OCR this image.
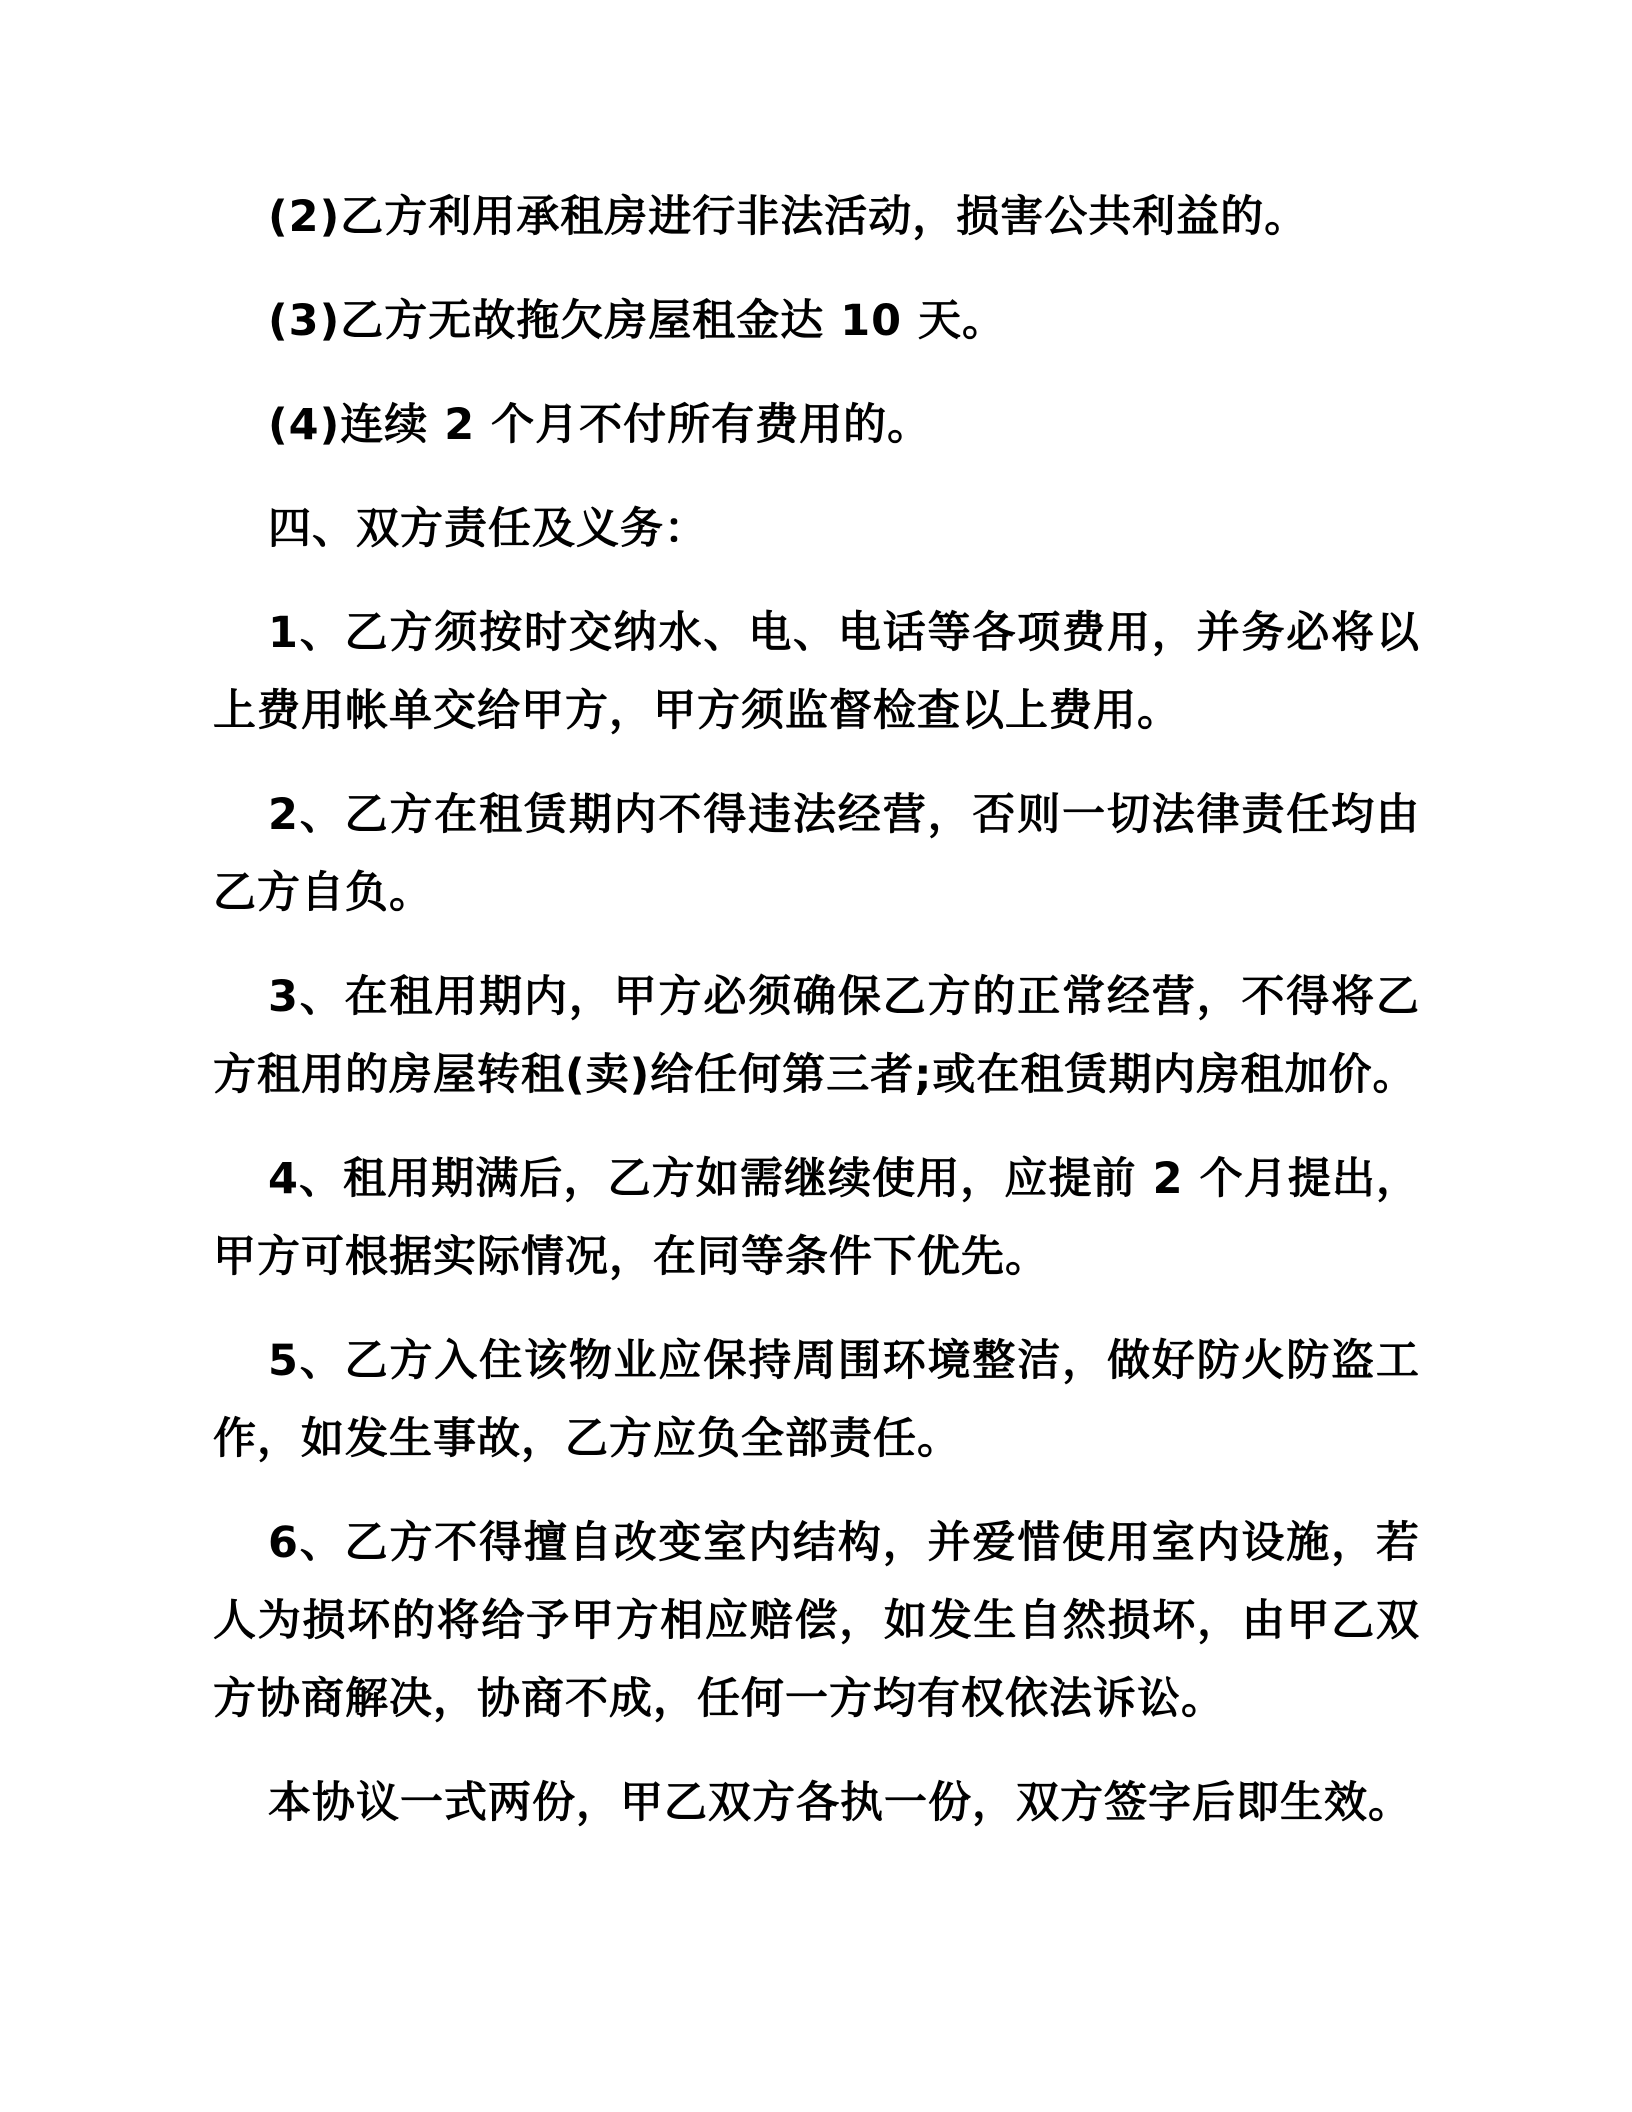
(2)乙方利用承租房进行非法活动，损害公共利益的。

(3)乙方无故拖欠房屋租金达 10 天。

(4)连续 2 个月不付所有费用的。

四、双方责任及义务：

1、乙方须按时交纳水、电、电话等各项费用，并务必将以上费用帐单交给甲方，甲方须监督检查以上费用。

2、乙方在租赁期内不得违法经营，否则一切法律责任均由乙方自负。

3、在租用期内，甲方必须确保乙方的正常经营，不得将乙方租用的房屋转租(卖)给任何第三者;或在租赁期内房租加价。

4、租用期满后，乙方如需继续使用，应提前 2 个月提出，甲方可根据实际情况，在同等条件下优先。

5、乙方入住该物业应保持周围环境整洁，做好防火防盗工作，如发生事故，乙方应负全部责任。

6、乙方不得擅自改变室内结构，并爱惜使用室内设施，若人为损坏的将给予甲方相应赔偿，如发生自然损坏，由甲乙双方协商解决，协商不成，任何一方均有权依法诉讼。

本协议一式两份，甲乙双方各执一份，双方签字后即生效。
